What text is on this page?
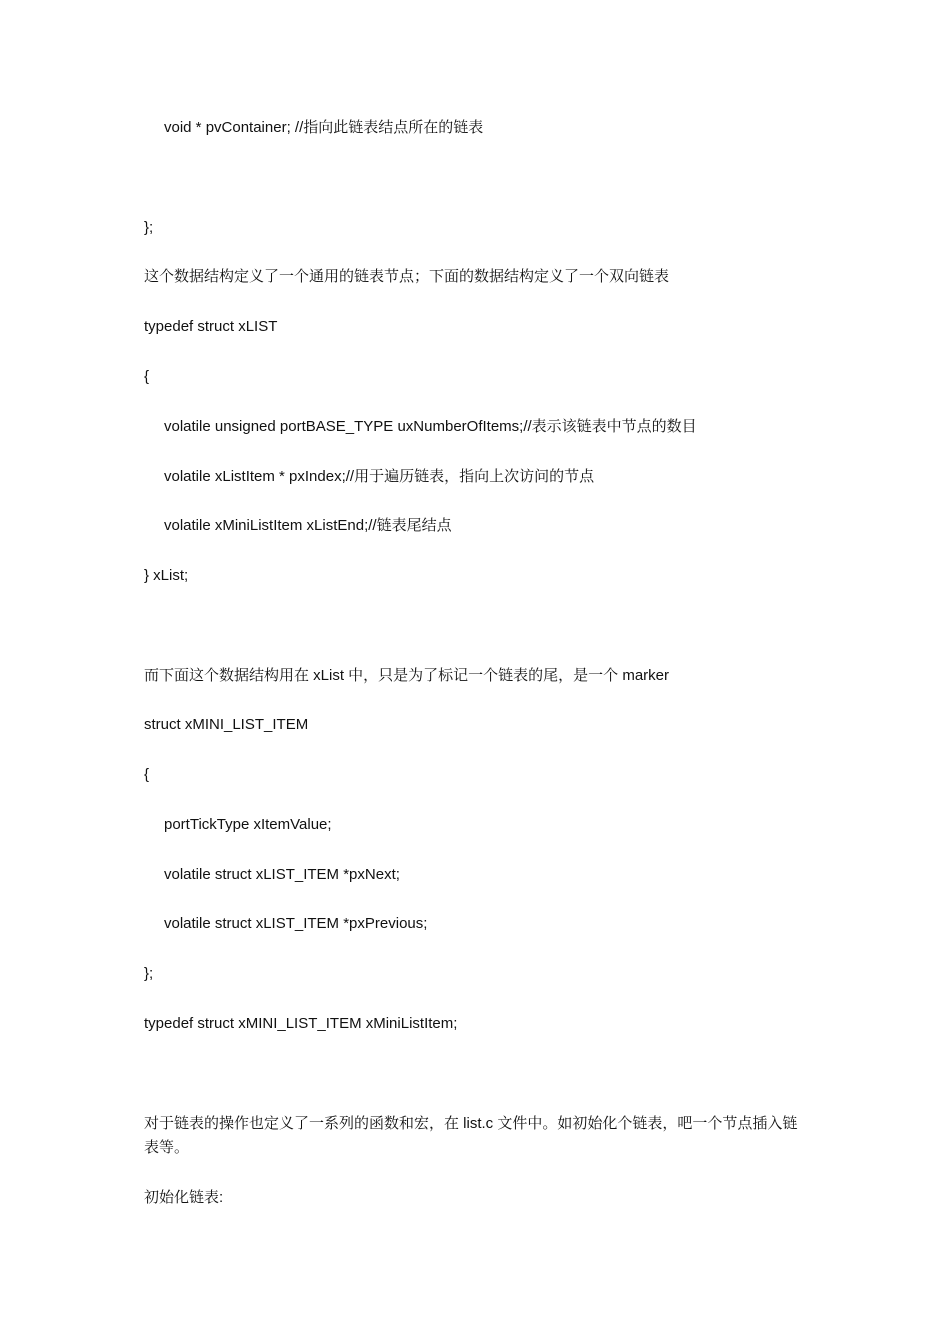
void * pvContainer; //指向此链表结点所在的链表
};
这个数据结构定义了一个通用的链表节点；下面的数据结构定义了一个双向链表
typedef struct xLIST
{
volatile unsigned portBASE_TYPE uxNumberOfItems;//表示该链表中节点的数目
volatile xListItem * pxIndex;//用于遍历链表，指向上次访问的节点
volatile xMiniListItem xListEnd;//链表尾结点
} xList;
而下面这个数据结构用在 xList 中，只是为了标记一个链表的尾，是一个 marker
struct xMINI_LIST_ITEM
{
portTickType xItemValue;
volatile struct xLIST_ITEM *pxNext;
volatile struct xLIST_ITEM *pxPrevious;
};
typedef struct xMINI_LIST_ITEM xMiniListItem;
对于链表的操作也定义了一系列的函数和宏，在 list.c 文件中。如初始化个链表，吧一个节点插入链表等。
初始化链表:
